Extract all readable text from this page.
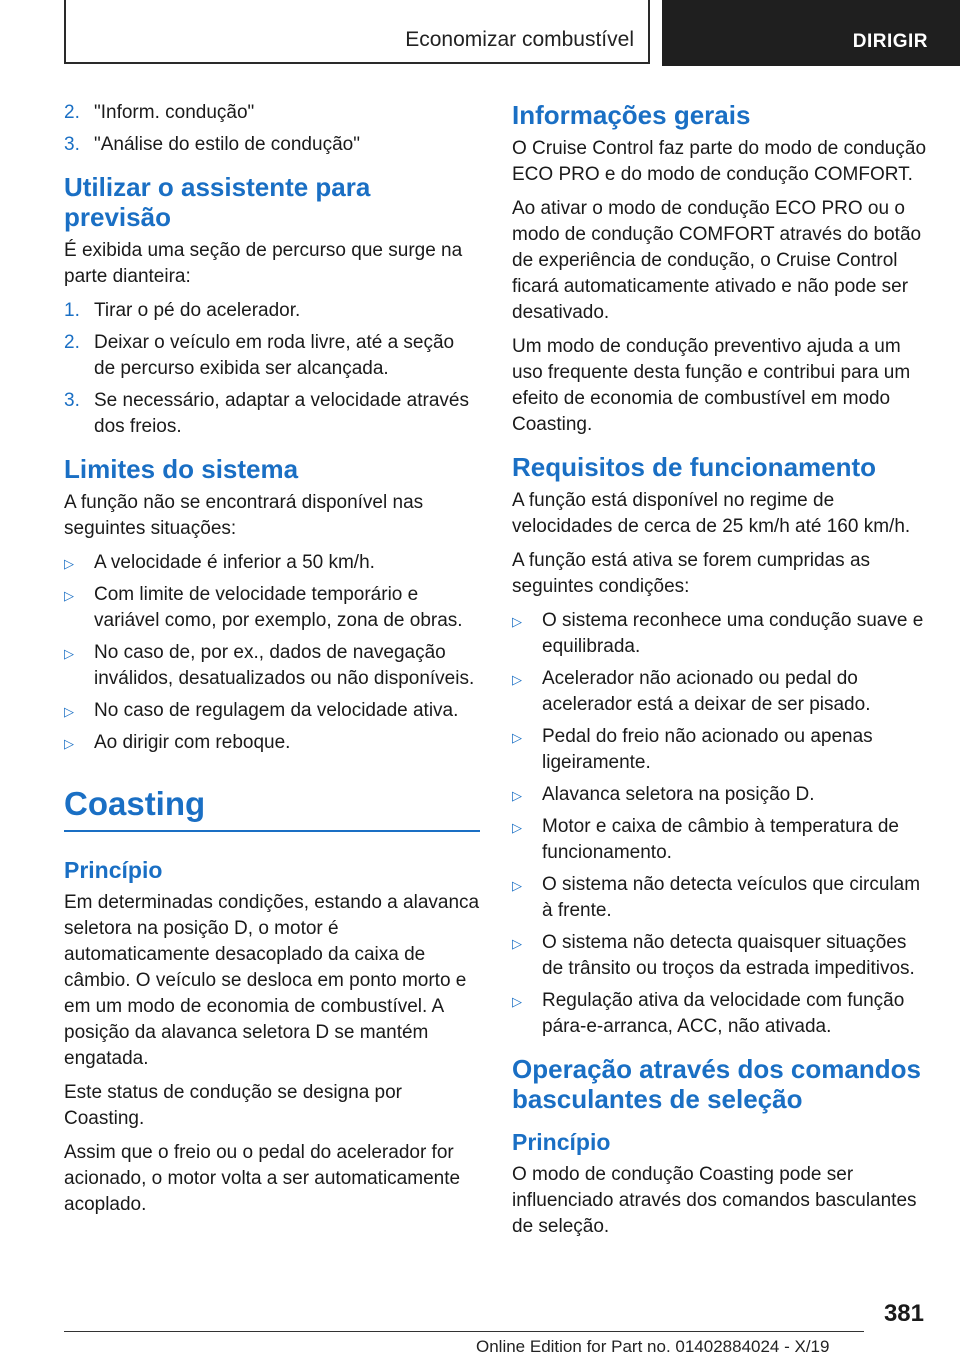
Economizar combustível	DIRIGIR
2. "Inform. condução"
3. "Análise do estilo de condução"
Utilizar o assistente para previsão

É exibida uma seção de percurso que surge na parte dianteira:

1. Tirar o pé do acelerador.
2. Deixar o veículo em roda livre, até a seção de percurso exibida ser alcançada.
3. Se necessário, adaptar a velocidade através dos freios.
Limites do sistema

A função não se encontrará disponível nas seguintes situações:

▷ A velocidade é inferior a 50 km/h.
▷ Com limite de velocidade temporário e variável como, por exemplo, zona de obras.
▷ No caso de, por ex., dados de navegação inválidos, desatualizados ou não disponíveis.
▷ No caso de regulagem da velocidade ativa.
▷ Ao dirigir com reboque.
Coasting
Princípio

Em determinadas condições, estando a alavanca seletora na posição D, o motor é automaticamente desacoplado da caixa de câmbio. O veículo se desloca em ponto morto e em um modo de economia de combustível. A posição da alavanca seletora D se mantém engatada.

Este status de condução se designa por Coasting.

Assim que o freio ou o pedal do acelerador for acionado, o motor volta a ser automaticamente acoplado.

Informações gerais

O Cruise Control faz parte do modo de condução ECO PRO e do modo de condução COMFORT.

Ao ativar o modo de condução ECO PRO ou o modo de condução COMFORT através do botão de experiência de condução, o Cruise Control ficará automaticamente ativado e não pode ser desativado.

Um modo de condução preventivo ajuda a um uso frequente desta função e contribui para um efeito de economia de combustível em modo Coasting.

Requisitos de funcionamento

A função está disponível no regime de velocidades de cerca de 25 km/h até 160 km/h.

A função está ativa se forem cumpridas as seguintes condições:

▷ O sistema reconhece uma condução suave e equilibrada.
▷ Acelerador não acionado ou pedal do acelerador está a deixar de ser pisado.
▷ Pedal do freio não acionado ou apenas ligeiramente.
▷ Alavanca seletora na posição D.
▷ Motor e caixa de câmbio à temperatura de funcionamento.
▷ O sistema não detecta veículos que circulam à frente.
▷ O sistema não detecta quaisquer situações de trânsito ou troços da estrada impeditivos.
▷ Regulação ativa da velocidade com função pára-e-arranca, ACC, não ativada.
Operação através dos comandos basculantes de seleção
Princípio

O modo de condução Coasting pode ser influenciado através dos comandos basculantes de seleção.

381
Online Edition for Part no. 01402884024 - X/19
